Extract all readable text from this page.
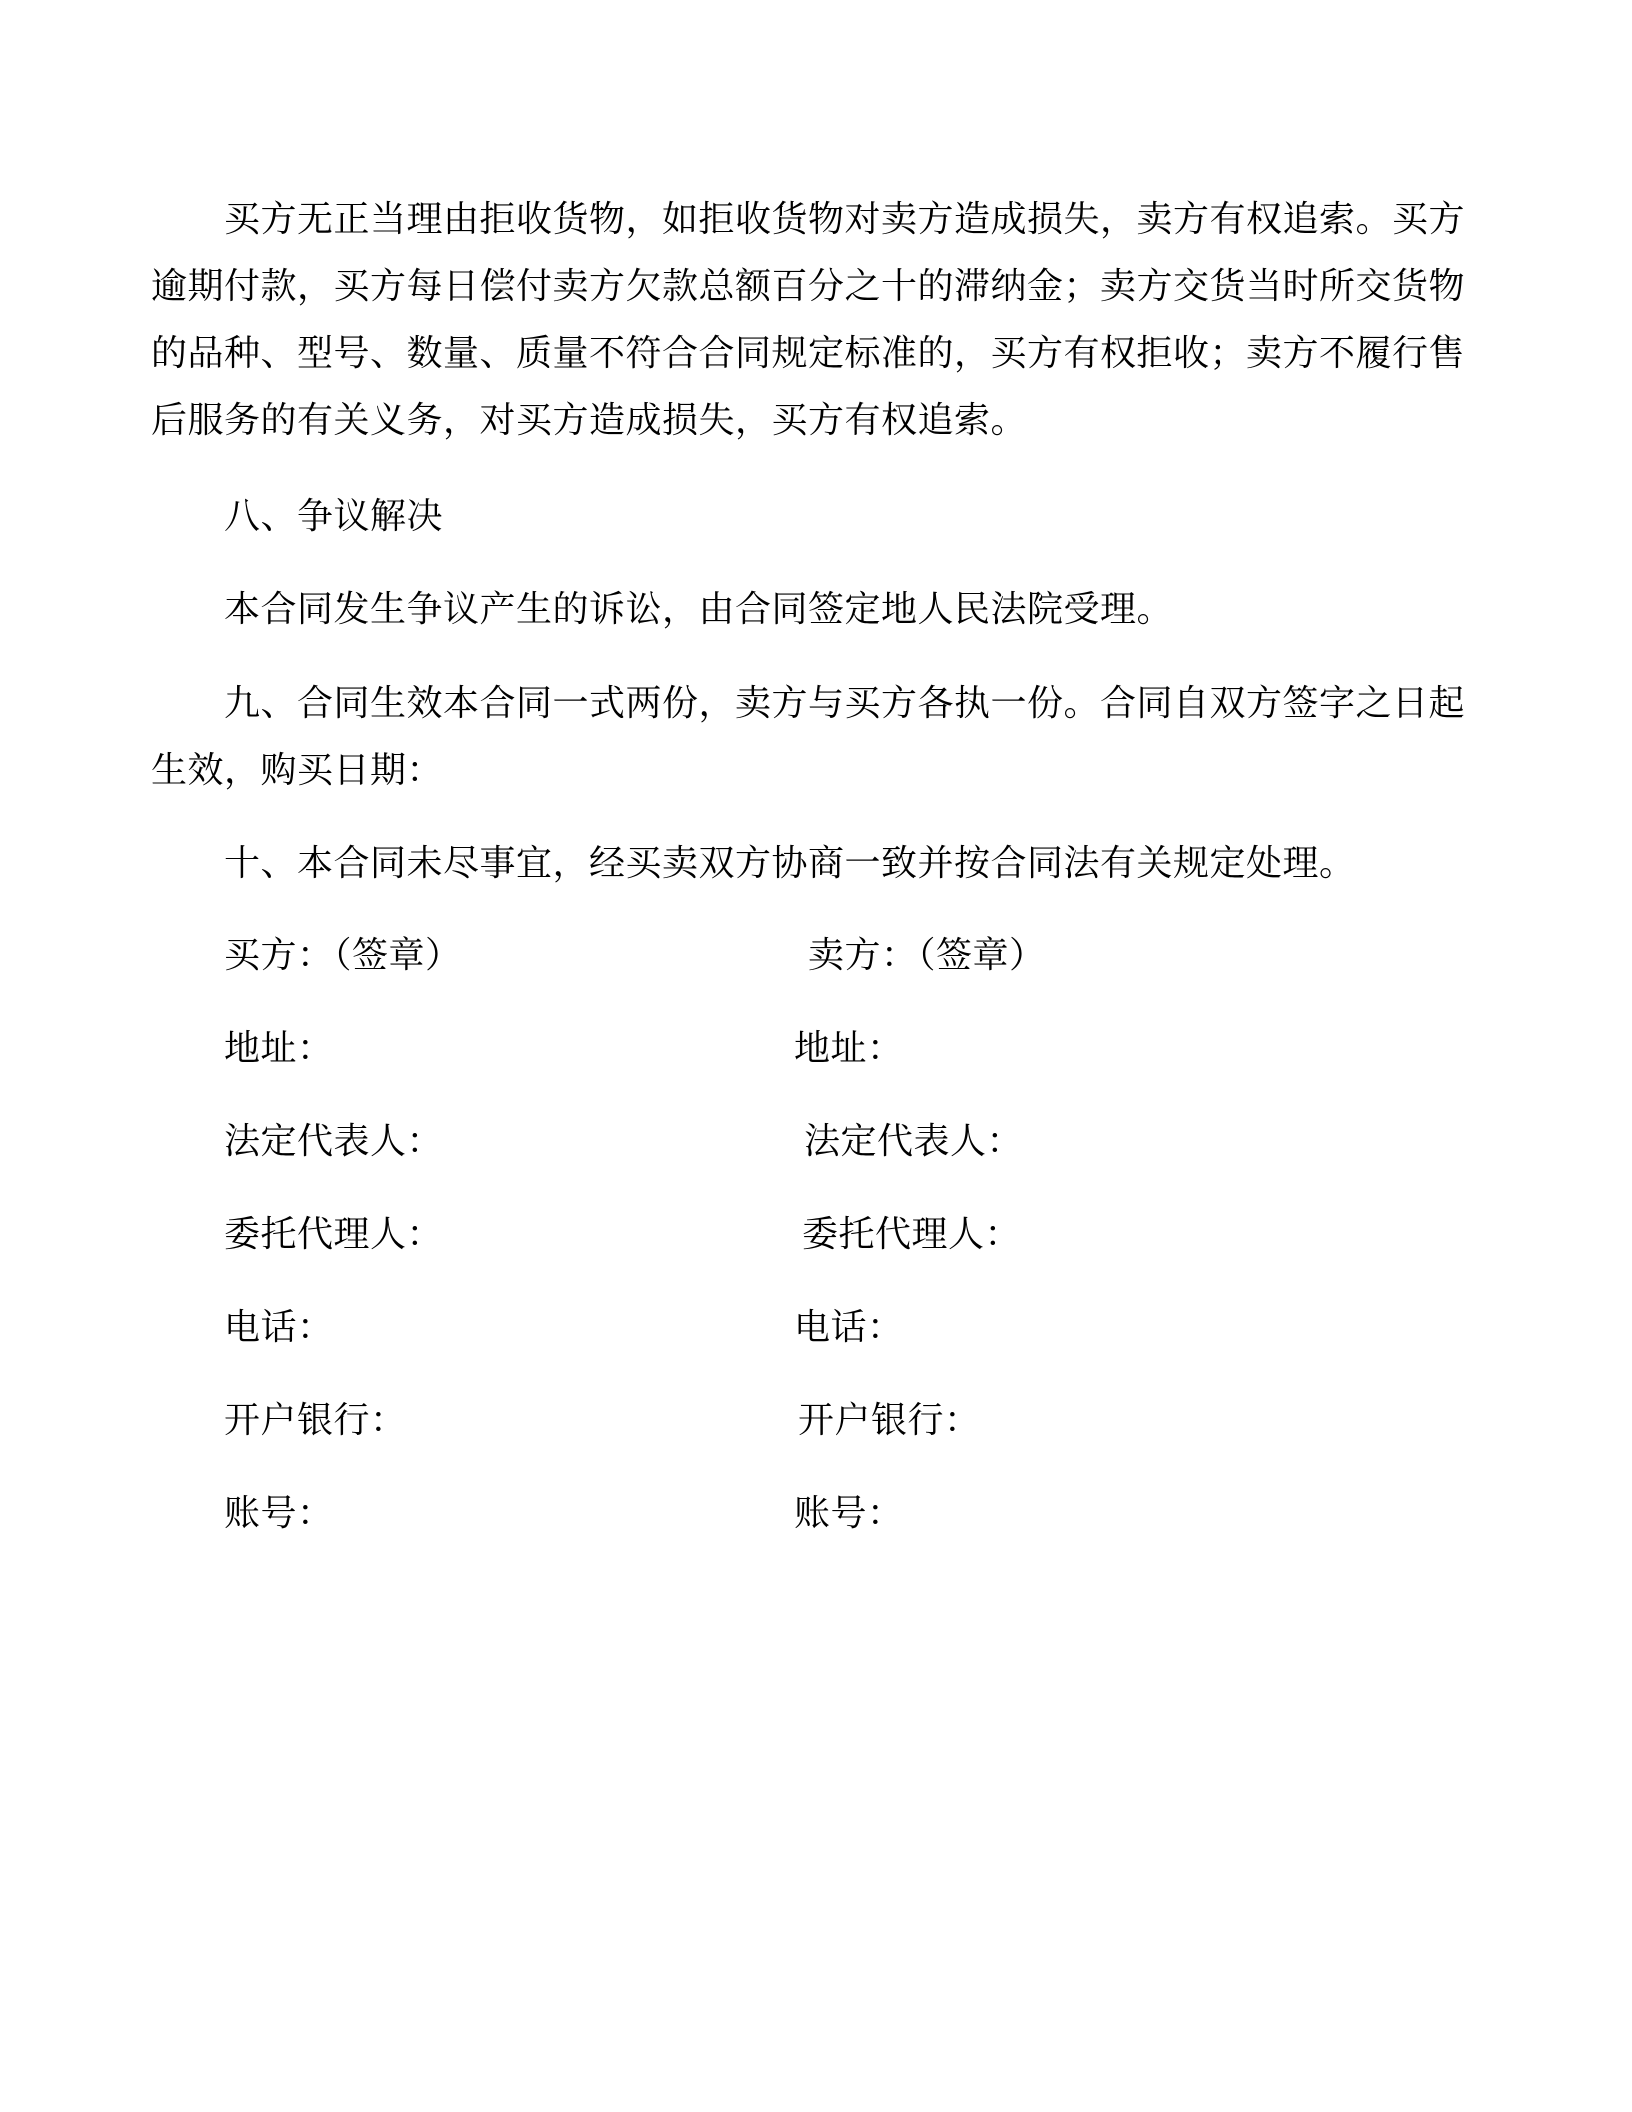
买方无正当理由拒收货物，如拒收货物对卖方造成损失，卖方有权追索。买方逾期付款，买方每日偿付卖方欠款总额百分之十的滞纳金；卖方交货当时所交货物的品种、型号、数量、质量不符合合同规定标准的，买方有权拒收；卖方不履行售后服务的有关义务，对买方造成损失，买方有权追索。
八、争议解决
本合同发生争议产生的诉讼，由合同签定地人民法院受理。
九、合同生效本合同一式两份，卖方与买方各执一份。合同自双方签字之日起生效，购买日期：
十、本合同未尽事宜，经买卖双方协商一致并按合同法有关规定处理。
买方：（签章）	卖方：（签章）
地址：	地址：
法定代表人：	法定代表人：
委托代理人：	委托代理人：
电话：	电话：
开户银行：	开户银行：
账号：	账号：
